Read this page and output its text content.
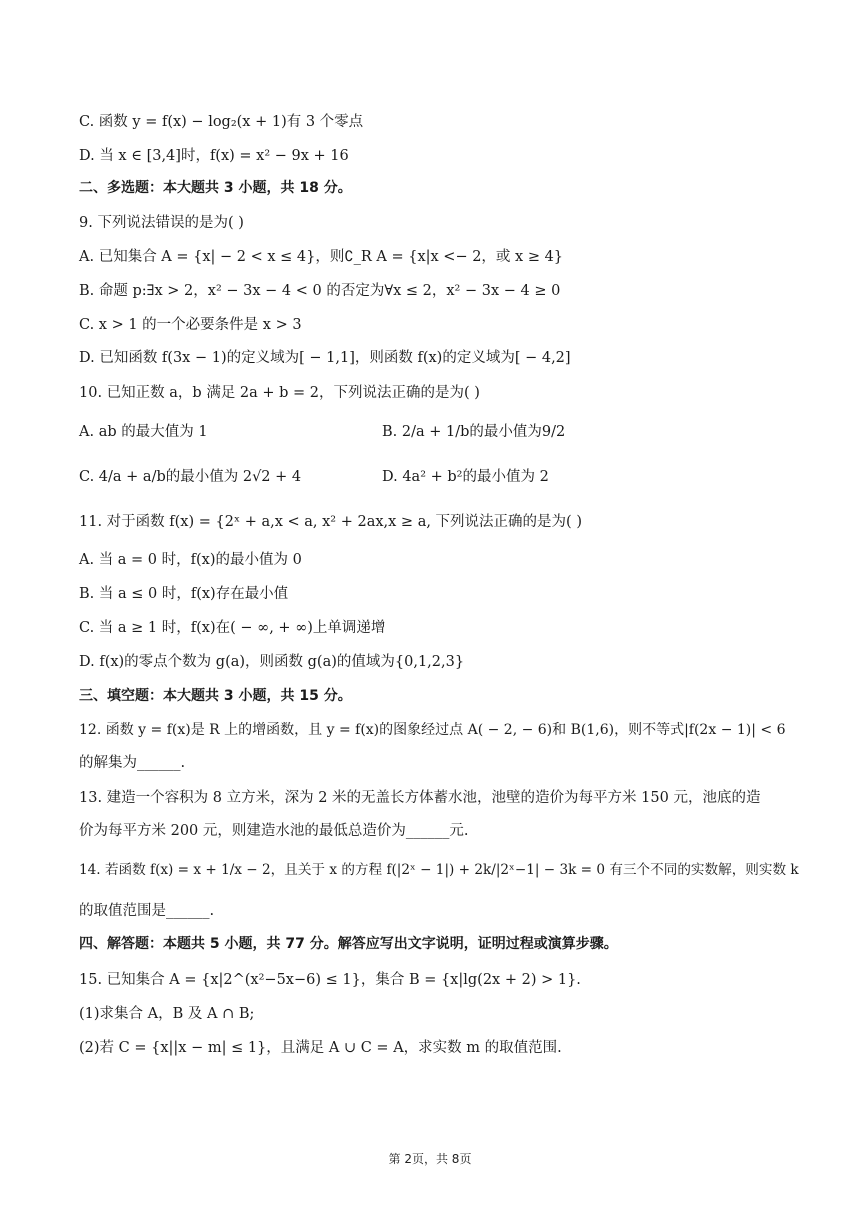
C. 函数 y = f(x) − log₂(x + 1)有 3 个零点
D. 当 x ∈ [3,4]时，f(x) = x² − 9x + 16
二、多选题：本大题共 3 小题，共 18 分。
9. 下列说法错误的是为( )
A. 已知集合 A = {x| − 2 < x ≤ 4}，则∁_R A = {x|x <− 2，或 x ≥ 4}
B. 命题 p:∃x > 2，x² − 3x − 4 < 0 的否定为∀x ≤ 2，x² − 3x − 4 ≥ 0
C. x > 1 的一个必要条件是 x > 3
D. 已知函数 f(3x − 1)的定义域为[ − 1,1]，则函数 f(x)的定义域为[ − 4,2]
10. 已知正数 a，b 满足 2a + b = 2，下列说法正确的是为( )
A. ab 的最大值为 1	B. 2/a + 1/b的最小值为9/2
C. 4/a + a/b的最小值为 2√2 + 4	D. 4a² + b²的最小值为 2
11. 对于函数 f(x) = {2ˣ + a,x < a, x² + 2ax,x ≥ a, 下列说法正确的是为( )
A. 当 a = 0 时，f(x)的最小值为 0
B. 当 a ≤ 0 时，f(x)存在最小值
C. 当 a ≥ 1 时，f(x)在( − ∞, + ∞)上单调递增
D. f(x)的零点个数为 g(a)，则函数 g(a)的值域为{0,1,2,3}
三、填空题：本大题共 3 小题，共 15 分。
12. 函数 y = f(x)是 R 上的增函数，且 y = f(x)的图象经过点 A( − 2, − 6)和 B(1,6)，则不等式|f(2x − 1)| < 6
的解集为______.
13. 建造一个容积为 8 立方米，深为 2 米的无盖长方体蓄水池，池壁的造价为每平方米 150 元，池底的造
价为每平方米 200 元，则建造水池的最低总造价为______元.
14. 若函数 f(x) = x + 1/x − 2，且关于 x 的方程 f(|2ˣ − 1|) + 2k/|2ˣ−1| − 3k = 0 有三个不同的实数解，则实数 k
的取值范围是______.
四、解答题：本题共 5 小题，共 77 分。解答应写出文字说明，证明过程或演算步骤。
15. 已知集合 A = {x|2^(x²−5x−6) ≤ 1}，集合 B = {x|lg(2x + 2) > 1}.
(1)求集合 A，B 及 A ∩ B;
(2)若 C = {x||x − m| ≤ 1}，且满足 A ∪ C = A，求实数 m 的取值范围.
第 2页，共 8页
